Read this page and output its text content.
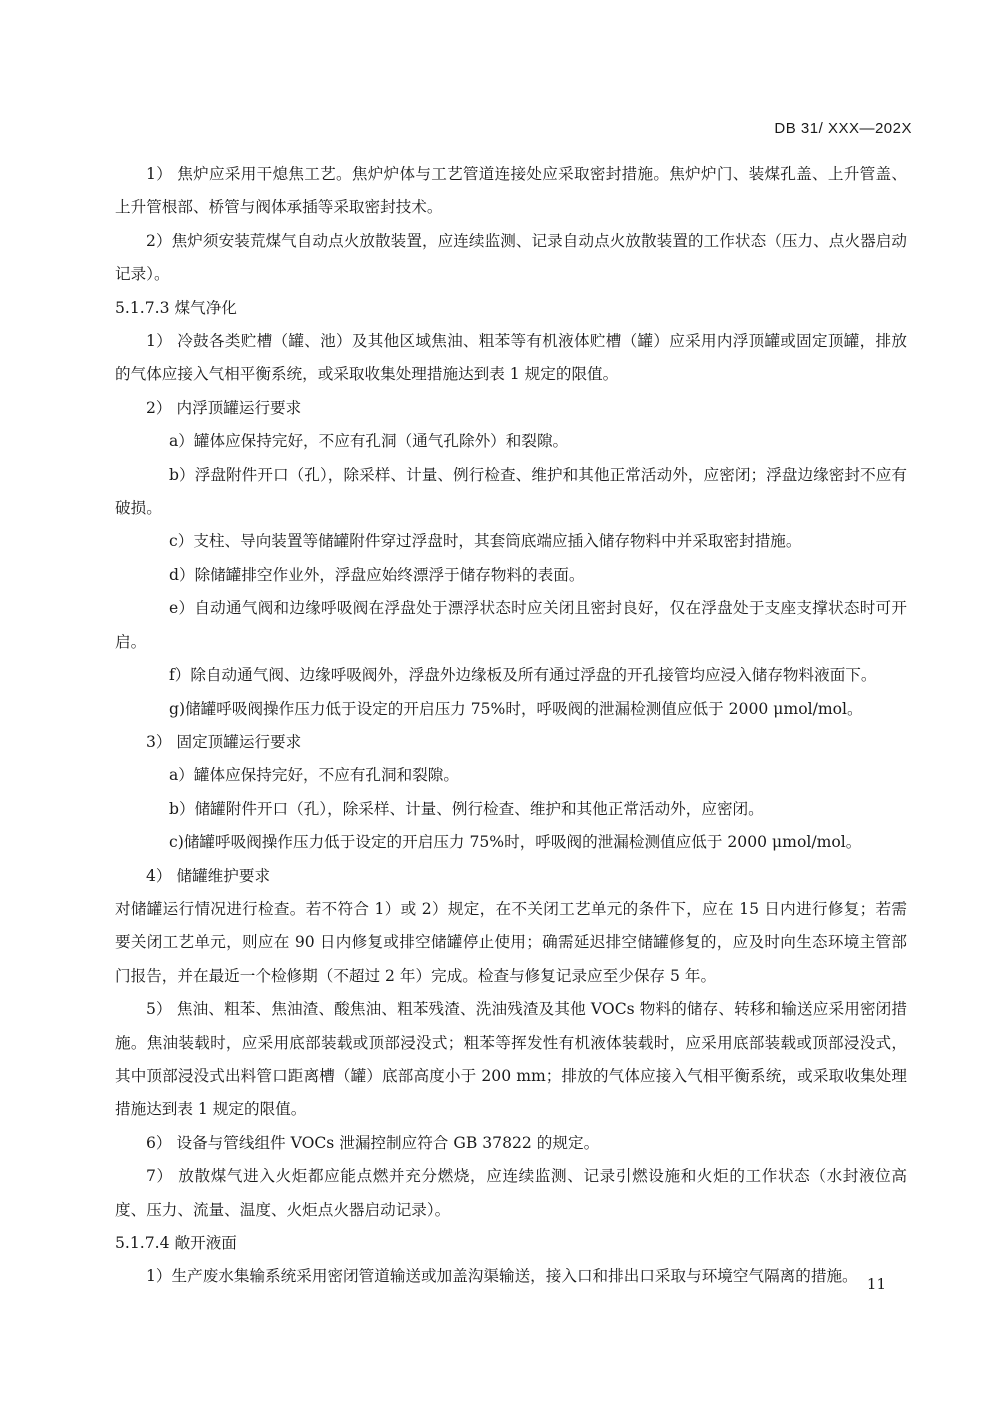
DB 31/ XXX—202X

1） 焦炉应采用干熄焦工艺。焦炉炉体与工艺管道连接处应采取密封措施。焦炉炉门、装煤孔盖、上升管盖、上升管根部、桥管与阀体承插等采取密封技术。

2）焦炉须安装荒煤气自动点火放散装置，应连续监测、记录自动点火放散装置的工作状态（压力、点火器启动记录）。

5.1.7.3 煤气净化

1） 冷鼓各类贮槽（罐、池）及其他区域焦油、粗苯等有机液体贮槽（罐）应采用内浮顶罐或固定顶罐，排放的气体应接入气相平衡系统，或采取收集处理措施达到表 1 规定的限值。

2） 内浮顶罐运行要求

a）罐体应保持完好，不应有孔洞（通气孔除外）和裂隙。

b）浮盘附件开口（孔），除采样、计量、例行检查、维护和其他正常活动外，应密闭；浮盘边缘密封不应有破损。

c）支柱、导向装置等储罐附件穿过浮盘时，其套筒底端应插入储存物料中并采取密封措施。

d）除储罐排空作业外，浮盘应始终漂浮于储存物料的表面。

e）自动通气阀和边缘呼吸阀在浮盘处于漂浮状态时应关闭且密封良好，仅在浮盘处于支座支撑状态时可开启。

f）除自动通气阀、边缘呼吸阀外，浮盘外边缘板及所有通过浮盘的开孔接管均应浸入储存物料液面下。

g)储罐呼吸阀操作压力低于设定的开启压力 75%时，呼吸阀的泄漏检测值应低于 2000 μmol/mol。

3） 固定顶罐运行要求

a）罐体应保持完好，不应有孔洞和裂隙。

b）储罐附件开口（孔），除采样、计量、例行检查、维护和其他正常活动外，应密闭。

c)储罐呼吸阀操作压力低于设定的开启压力 75%时，呼吸阀的泄漏检测值应低于 2000 μmol/mol。

4） 储罐维护要求

对储罐运行情况进行检查。若不符合 1）或 2）规定，在不关闭工艺单元的条件下，应在 15 日内进行修复；若需要关闭工艺单元，则应在 90 日内修复或排空储罐停止使用；确需延迟排空储罐修复的，应及时向生态环境主管部门报告，并在最近一个检修期（不超过 2 年）完成。检查与修复记录应至少保存 5 年。

5） 焦油、粗苯、焦油渣、酸焦油、粗苯残渣、洗油残渣及其他 VOCs 物料的储存、转移和输送应采用密闭措施。焦油装载时，应采用底部装载或顶部浸没式；粗苯等挥发性有机液体装载时，应采用底部装载或顶部浸没式，其中顶部浸没式出料管口距离槽（罐）底部高度小于 200 mm；排放的气体应接入气相平衡系统，或采取收集处理措施达到表 1 规定的限值。

6） 设备与管线组件 VOCs 泄漏控制应符合 GB 37822 的规定。

7） 放散煤气进入火炬都应能点燃并充分燃烧，应连续监测、记录引燃设施和火炬的工作状态（水封液位高度、压力、流量、温度、火炬点火器启动记录）。

5.1.7.4 敞开液面

1）生产废水集输系统采用密闭管道输送或加盖沟渠输送，接入口和排出口采取与环境空气隔离的措施。 11
